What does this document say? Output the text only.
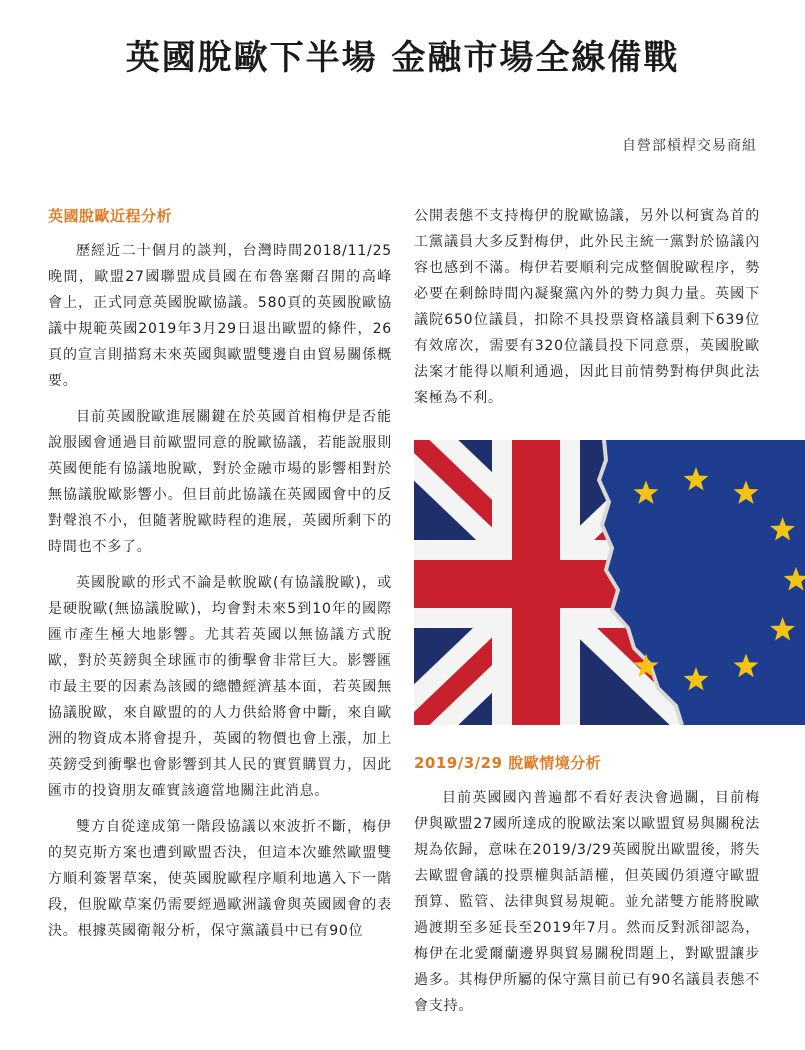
英國脫歐下半場 金融市場全線備戰
自營部槓桿交易商組
英國脫歐近程分析

歷經近二十個月的談判，台灣時間2018/11/25晚間，歐盟27國聯盟成員國在布魯塞爾召開的高峰會上，正式同意英國脫歐協議。580頁的英國脫歐協議中規範英國2019年3月29日退出歐盟的條件，26頁的宣言則描寫未來英國與歐盟雙邊自由貿易關係概要。

目前英國脫歐進展關鍵在於英國首相梅伊是否能說服國會通過目前歐盟同意的脫歐協議，若能說服則英國便能有協議地脫歐，對於金融市場的影響相對於無協議脫歐影響小。但目前此協議在英國國會中的反對聲浪不小，但隨著脫歐時程的進展，英國所剩下的時間也不多了。

英國脫歐的形式不論是軟脫歐(有協議脫歐)，或是硬脫歐(無協議脫歐)，均會對未來5到10年的國際匯市產生極大地影響。尤其若英國以無協議方式脫歐，對於英鎊與全球匯市的衝擊會非常巨大。影響匯市最主要的因素為該國的總體經濟基本面，若英國無協議脫歐，來自歐盟的的人力供給將會中斷，來自歐洲的物資成本將會提升，英國的物價也會上漲，加上英鎊受到衝擊也會影響到其人民的實質購買力，因此匯市的投資朋友確實該適當地關注此消息。

雙方自從達成第一階段協議以來波折不斷，梅伊的契克斯方案也遭到歐盟否決，但這本次雖然歐盟雙方順利簽署草案，使英國脫歐程序順利地邁入下一階段，但脫歐草案仍需要經過歐洲議會與英國國會的表決。根據英國衛報分析，保守黨議員中已有90位

公開表態不支持梅伊的脫歐協議，另外以柯賓為首的工黨議員大多反對梅伊，此外民主統一黨對於協議內容也感到不滿。梅伊若要順利完成整個脫歐程序，勢必要在剩餘時間內凝聚黨內外的勢力與力量。英國下議院650位議員，扣除不具投票資格議員剩下639位有效席次，需要有320位議員投下同意票，英國脫歐法案才能得以順利通過，因此目前情勢對梅伊與此法案極為不利。

2019/3/29 脫歐情境分析

目前英國國內普遍都不看好表決會過關，目前梅伊與歐盟27國所達成的脫歐法案以歐盟貿易與關稅法規為依歸，意味在2019/3/29英國脫出歐盟後，將失去歐盟會議的投票權與話語權，但英國仍須遵守歐盟預算、監管、法律與貿易規範。並允諾雙方能將脫歐過渡期至多延長至2019年7月。然而反對派卻認為，梅伊在北愛爾蘭邊界與貿易關稅問題上，對歐盟讓步過多。其梅伊所屬的保守黨目前已有90名議員表態不會支持。
